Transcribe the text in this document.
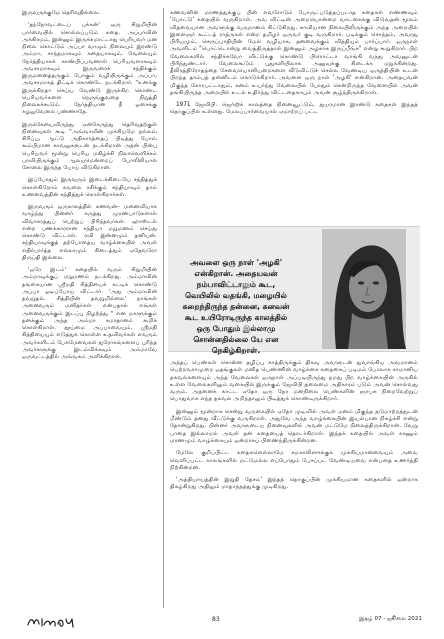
இருவருக்குமே தெரிவதில்லை.

'தந்நோவட்டைப் புக்கன்' ஒரு சிறுமியின் பார்வையில் சொல்லப்படும் கதை. அப்பாவின் அக்கிரமம், இன்னும் இருக்கமாட்டாது பெரியவர் மன நிலை கொட்டும் அப்பா வாழும் நிலையும் இரண்டு அம்மா, சாந்தமாகவும் கதையாகவும், வேலையும் நேர்த்தியாகக் காண்பிப்பவனாள் பெரியவளாகவும் அவசரமாகவும் இருவரைச் சந்திக்கும் இருமனைத்தருகும் போகும் வழியிருக்கும் அப்பா, அவசரமாகத் திட்டிக் கொண்டே நடக்கிறார். "உனக்கு இருக்கிறதா செய்ய வேண்டு இருக்கிற கொண்ட பெரியவர்களை நெருங்குவதை நிறுத்தி நிலைகக்கூடும். நேர்த்தியான நீ ஓசைக்கு சுழலுவேலை பண்ணாதே.

இருக்கேயைவிருந்து ஏன்கேருந்து தெரிவதற்குள் நினைவுகள் கூடி "அவ்வாவின் முக்கியமே நல்லவ் சிரிப்பு, ஆட்டு அதிகாரத்தைப் பிடித்து போவ் கூம்பிமான காவலுகரூடன் நடக்கிறான் அதன் பின்பு பெரியவர் மூன்று பெரிய மகிழ்ச்சி நிலாவெளிச்சம் பரவியிருக்கும் ஆலயமென்றைப் போலிலியால் சோலை இருந்த போய் விடுகிறான்.

இப்போதும் இருவரும் இடைக்கிடையே சந்தித்துக் கொள்கிறோம் கவலை ரசிக்கும் சந்தியாவும் தாம் உணவைத்தின் சந்தித்துக் கொள்கிறார்கள்.

இருவரும் ஒருகாலத்தில் கணவன்– மனைவியாக வாழ்ந்து பின்னர் கருத்து முரண்பாடுகளால் விவாகரத்துப் பெற்றுப் பிரிந்தவர்கள். ஹாஸ்டல் என்ற பணக்காரரான சந்தியா மறுமணம் செய்து கொண்டு விட்டாள். ரவி இன்னமும் தனியன். சந்தியாவுக்குத் தற்போதைய வாழ்க்கையில் அவள் எதிர்பார்த்த எல்லாமும் கிடைத்தும் ஏதேவரோ திருப்தி இல்லை.

'ஒரே இடம்' கதையில் வரும் சிறுமியின் அம்மாவுக்குப் மறுமணம் நடக்கிறது. அம்மாவின் தங்கையான ஸ்ரீமதி சித்தியைக் கட்டிக் கொண்டு அப்பா ஓடிப்போய் விட்டார். 'அது அம்மாவின் தவறுதல். சித்தியின் தவறுமில்லை' நாங்கள் அனைவரும் மனிதர்கள் என்பதால் எங்கள் அனைவருக்கும் இடப்பு நிழற்த்து " என மகளுக்கும் தனக்கும் அந்த அம்மா சமாதானம் கூறிக் கொள்கிறாள். தூய்மை அப்பாவையும், ஸ்ரீமதி சித்தியையும் எடுத்துக் கொள்ள உதவிவர்கள் எவரும் அவர்களிடம் பேசுமேவைகள் துரோகங்களைப் புரிந்த அவர்களுக்கு இடம்விக்கவும் அம்மாவே ஒருவட்டத்தில் அவ்வகம் அளிக்கிறாள்.

கணவனின் மரணத்துக்குப் பின் எவரோடும் போருட்படுத்தப்படாத கதைகள் எண்ணவும் 'போட்டு' கதையில் வருகிறாள். அவ விட்டின் அறையொன்றை வாடகைக்கு விடுவதன் மூலம் விதவையான அவளுக்கு வருமானம் கிட்டுகிறது. காவியான நிலையிலிருக்கும் அந்த அறையில் இளைஞர் கூட்டத் ராத்ருகள் என்ற தமிழர் ஒருவர் குடி வருகிறார். படிக்கும் சொந்தம், அவரது பிரியமும், செருப்பாதியின் மேல் வழியாக, தனவைக்கும் வித்தியும் பார்ப்பார். ஒருநாள் அவளிடம் "பொட்டொன்று வைத்திருத்தால் இன்னும் அழகாக இருப்பீங்க" என்று கூறுகிறார். பிற வேலைகளில் சந்திக்கவோ விட்டுக்கு கொண்டு பிரொட்டா வாங்கி வந்து அவனுடன் பிரிந்துண்டார். வேலைகூடும் புதுகளியிலாக அனுவுக்கு கிடைக்க மறுக்கின்றது. தீலிரத்திரோதத்தை சேவையொனியறைகளை வீடுவிட்டுச் செல்ல வேண்டிய ஒருத்தியின் உடன் பிறந்த தாம்பத் தன்னிடம் கொடுக்கிறார். அவளை ஒரு நாள் 'அழகி' என்கிறான். அதையவன் மிகுந்த கோரபட்டாதும், கனம் உயர்ந்து வேலையில் போதும் சென்றிருந்த வேளையில் அவன் தங்கியிருந்த அறையில் உடல் உதிர்ந்து விட்டதைகாயும் அவன் சூழ்ந்திருக்கிறாள்.

1971 ஜேவிபி. ஜெர்ஜிக் காலத்தை நினைவூட்டும், துயரமான இரண்டு கதைகள் இந்தத் தொகுப்பில் உள்ளது. மேலப்பார்வையால் ஏமாற்றப் பட்ட

அவளை ஒரு நாள் 'அழகி' என்கிறான். அதையவன் நம்பாவிட்டாலும் கூட, வெயிலில் வதங்கி, மழையில் கறைந்திருந்த தன்னை, கனவன் கூட உயிரோடிருந்த காலத்தில் ஒரு போதும் இல்லாமு சொன்னதில்லை யே என நெகிழ்கிறாள்.

அந்தப் பெண்கள் சொன்ன தழிப்பு காத்திருக்கும் திகவு அவளுடன் துவாங்கிய அவமானம் பெற்றவராமுறை ஒதங்குகள் மனித பெண்ணின் வாழ்க்கை கதைகைப் படிமம் போலாக சாமானிய தகவல்களையும் அந்த வேலைகள் ஒருநாள் அப்படியிருந்து நமது பிற வாழ்க்கையின் அருகில் உள்ள வேலைகளிலும் வகையில் இருக்கும் ஜேவிபி தலைமை அதிகாரம் படும் அவன் சொல்வது வரும். அதனைக் காட்ட ஏதோ ஒரு நேர மனநிலை பெண்களின் ஞாபக நிறைவேற்றுப் பொதுவாக எந்த தகவல் அறிந்தாலும் பிடித்துக் கொண்டிருக்கிறார்.

இன்னும் மூன்றாக சென்று வருகையில் ஏதோ முடிவில் அவள் மனம் மிகுந்த தடுமாற்றத்துடன் மீண்டும் தனது வீட்டுக்கு வருகிறாள். அதுவே அந்த வாழ்க்கையின் இயல்பான நிகழ்ச்சி என்று தோன்றுகிறது. பின்னர் அவளுடைய நினைவுகளில் அவன் மட்டுமே நிலைத்திருக்கிறான். வேறு பாதை இல்லாமல் அவள் தன் கதையைத் தொடர்கிறாள். இந்தக் கதையில் அவள் காணும் மரணமும் வாழ்க்கையும் ஒன்றாகப் பிணைந்திருக்கின்றன.

மேலே குறிப்பிட்ட கதைகளெல்லாமே சமகாலிஸுக்குக் முக்கியமானவையும் அவை வெளிப்பட்ட காலங்களில் மட்டுமல்ல எப்போதும் பேசப்பட வேண்டியவை என்பதை உணர்த்தி நிற்கின்றன.

'அத்தியாயத்தின் இறுதி தேசம்' இந்தத் தொகுப்பின் முக்கியமான கதைகளில் ஒன்றாக திகழ்கிறது அதிலும் மாதாந்தத்துக்கு முடிகிறது.

83	இதழ் 07 - ஜூலை 2021
